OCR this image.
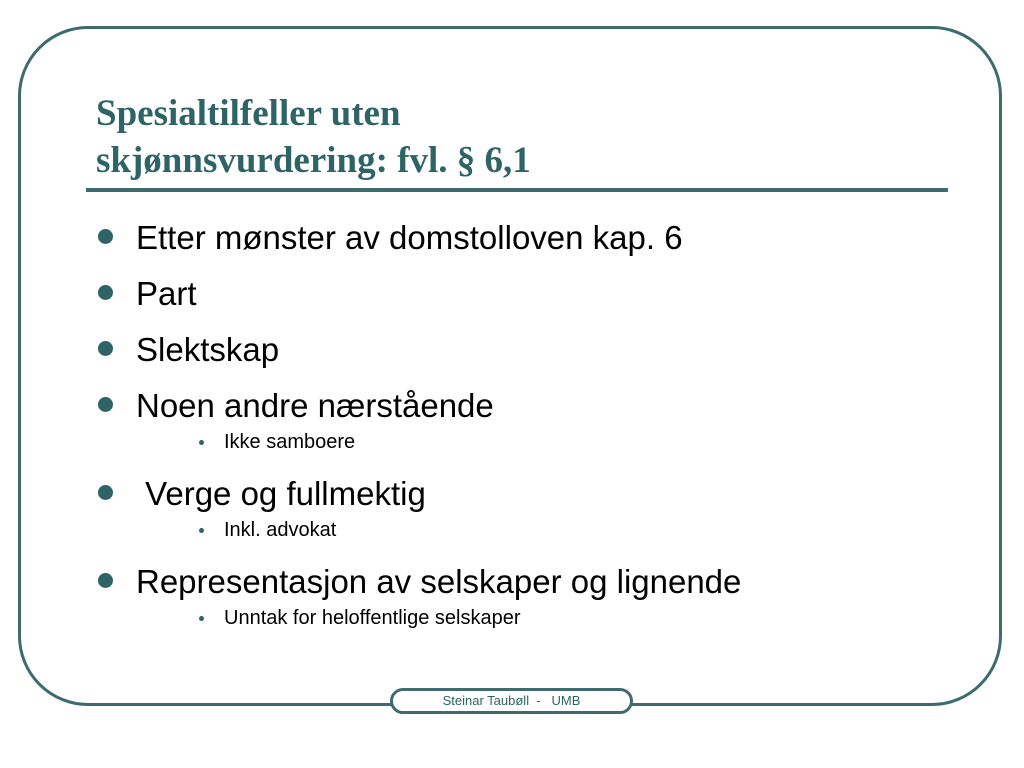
Spesialtilfeller uten
skjønnsvurdering: fvl. § 6,1
Etter mønster av domstolloven kap. 6
Part
Slektskap
Noen andre nærstående
Ikke samboere
Verge og fullmektig
Inkl. advokat
Representasjon av selskaper og lignende
Unntak for heloffentlige selskaper
Steinar Taubøll  -   UMB
